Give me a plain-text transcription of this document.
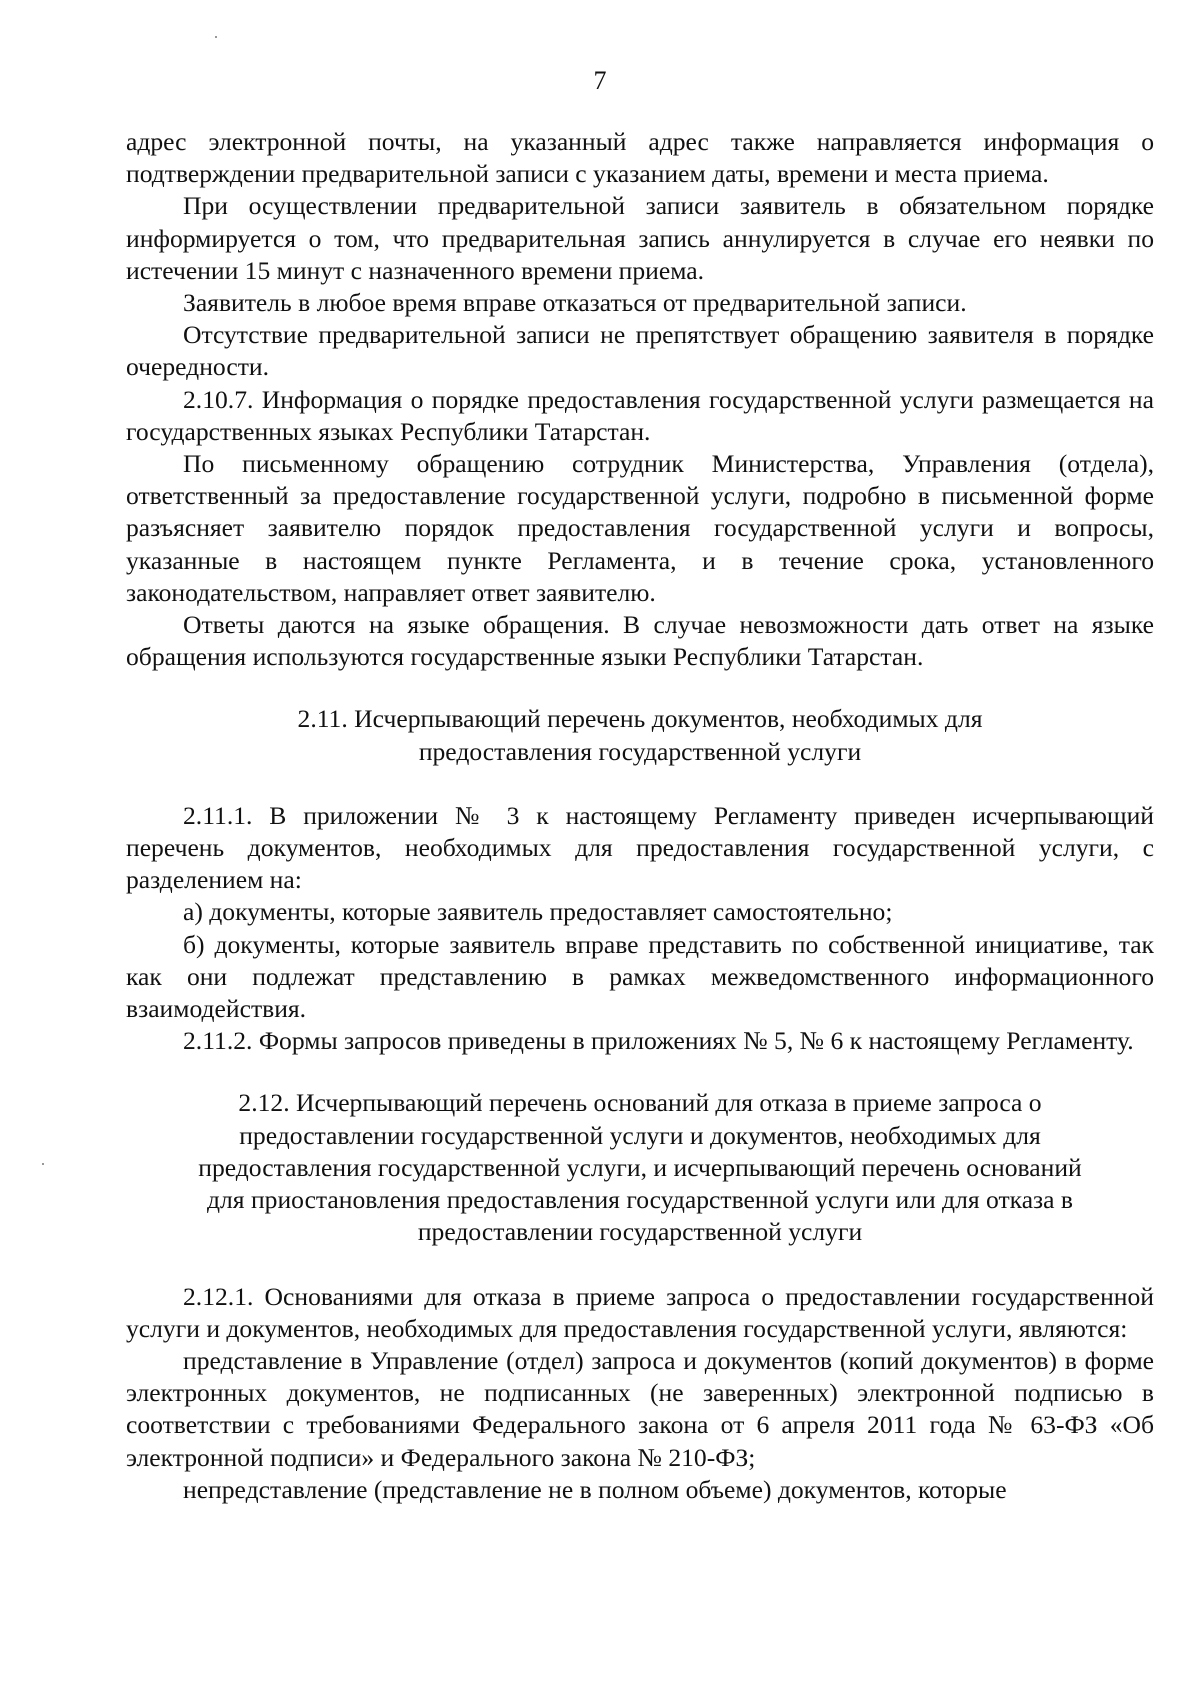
7

адрес электронной почты, на указанный адрес также направляется информация о подтверждении предварительной записи с указанием даты, времени и места приема.

При осуществлении предварительной записи заявитель в обязательном порядке информируется о том, что предварительная запись аннулируется в случае его неявки по истечении 15 минут с назначенного времени приема.

Заявитель в любое время вправе отказаться от предварительной записи.

Отсутствие предварительной записи не препятствует обращению заявителя в порядке очередности.

2.10.7. Информация о порядке предоставления государственной услуги размещается на государственных языках Республики Татарстан.

По письменному обращению сотрудник Министерства, Управления (отдела), ответственный за предоставление государственной услуги, подробно в письменной форме разъясняет заявителю порядок предоставления государственной услуги и вопросы, указанные в настоящем пункте Регламента, и в течение срока, установленного законодательством, направляет ответ заявителю.

Ответы даются на языке обращения. В случае невозможности дать ответ на языке обращения используются государственные языки Республики Татарстан.

2.11. Исчерпывающий перечень документов, необходимых для
предоставления государственной услуги

2.11.1. В приложении № 3 к настоящему Регламенту приведен исчерпывающий перечень документов, необходимых для предоставления государственной услуги, с разделением на:

а) документы, которые заявитель предоставляет самостоятельно;

б) документы, которые заявитель вправе представить по собственной инициативе, так как они подлежат представлению в рамках межведомственного информационного взаимодействия.

2.11.2. Формы запросов приведены в приложениях № 5, № 6 к настоящему Регламенту.

2.12. Исчерпывающий перечень оснований для отказа в приеме запроса о
предоставлении государственной услуги и документов, необходимых для
предоставления государственной услуги, и исчерпывающий перечень оснований
для приостановления предоставления государственной услуги или для отказа в
предоставлении государственной услуги

2.12.1. Основаниями для отказа в приеме запроса о предоставлении государственной услуги и документов, необходимых для предоставления государственной услуги, являются:

представление в Управление (отдел) запроса и документов (копий документов) в форме электронных документов, не подписанных (не заверенных) электронной подписью в соответствии с требованиями Федерального закона от 6 апреля 2011 года № 63-ФЗ «Об электронной подписи» и Федерального закона № 210-ФЗ;

непредставление (представление не в полном объеме) документов, которые
